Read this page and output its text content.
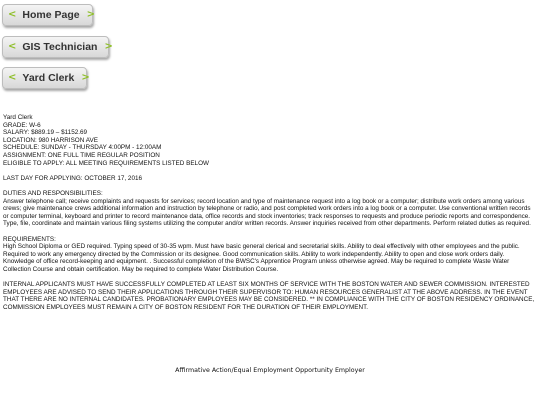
< Home Page >
< GIS Technician >
< Yard Clerk >

Yard Clerk

GRADE: W-6

SALARY: $889.19 – $1152.69

LOCATION: 980 HARRISON AVE

SCHEDULE: SUNDAY - THURSDAY 4:00PM - 12:00AM

ASSIGNMENT: ONE FULL TIME REGULAR POSITION

ELIGIBLE TO APPLY: ALL MEETING REQUIREMENTS LISTED BELOW

LAST DAY FOR APPLYING: OCTOBER 17, 2016

DUTIES AND RESPONSIBILITIES:

Answer telephone call; receive complaints and requests for services; record location and type of maintenance request into a log book or a computer; distribute work orders among various crews; give maintenance crews additional information and instruction by telephone or radio, and post completed work orders into a log book or a computer. Use conventional written records or computer terminal, keyboard and printer to record maintenance data, office records and stock inventories; track responses to requests and produce periodic reports and correspondence. Type, file, coordinate and maintain various filing systems utilizing the computer and/or written records. Answer inquiries received from other departments. Perform related duties as required.

REQUIREMENTS:

High School Diploma or GED required. Typing speed of 30-35 wpm. Must have basic general clerical and secretarial skills. Ability to deal effectively with other employees and the public. Required to work any emergency directed by the Commission or its designee. Good communication skills. Ability to work independently. Ability to open and close work orders daily. Knowledge of office record-keeping and equipment. . Successful completion of the BWSC's Apprentice Program unless otherwise agreed. May be required to complete Waste Water Collection Course and obtain certification. May be required to complete Water Distribution Course.

INTERNAL APPLICANTS MUST HAVE SUCCESSFULLY COMPLETED AT LEAST SIX MONTHS OF SERVICE WITH THE BOSTON WATER AND SEWER COMMISSION. INTERESTED EMPLOYEES ARE ADVISED TO SEND THEIR APPLICATIONS THROUGH THEIR SUPERVISOR TO: HUMAN RESOURCES GENERALIST AT THE ABOVE ADDRESS. IN THE EVENT THAT THERE ARE NO INTERNAL CANDIDATES. PROBATIONARY EMPLOYEES MAY BE CONSIDERED. ** IN COMPLIANCE WITH THE CITY OF BOSTON RESIDENCY ORDINANCE, COMMISSION EMPLOYEES MUST REMAIN A CITY OF BOSTON RESIDENT FOR THE DURATION OF THEIR EMPLOYMENT.

Affirmative Action/Equal Employment Opportunity Employer
